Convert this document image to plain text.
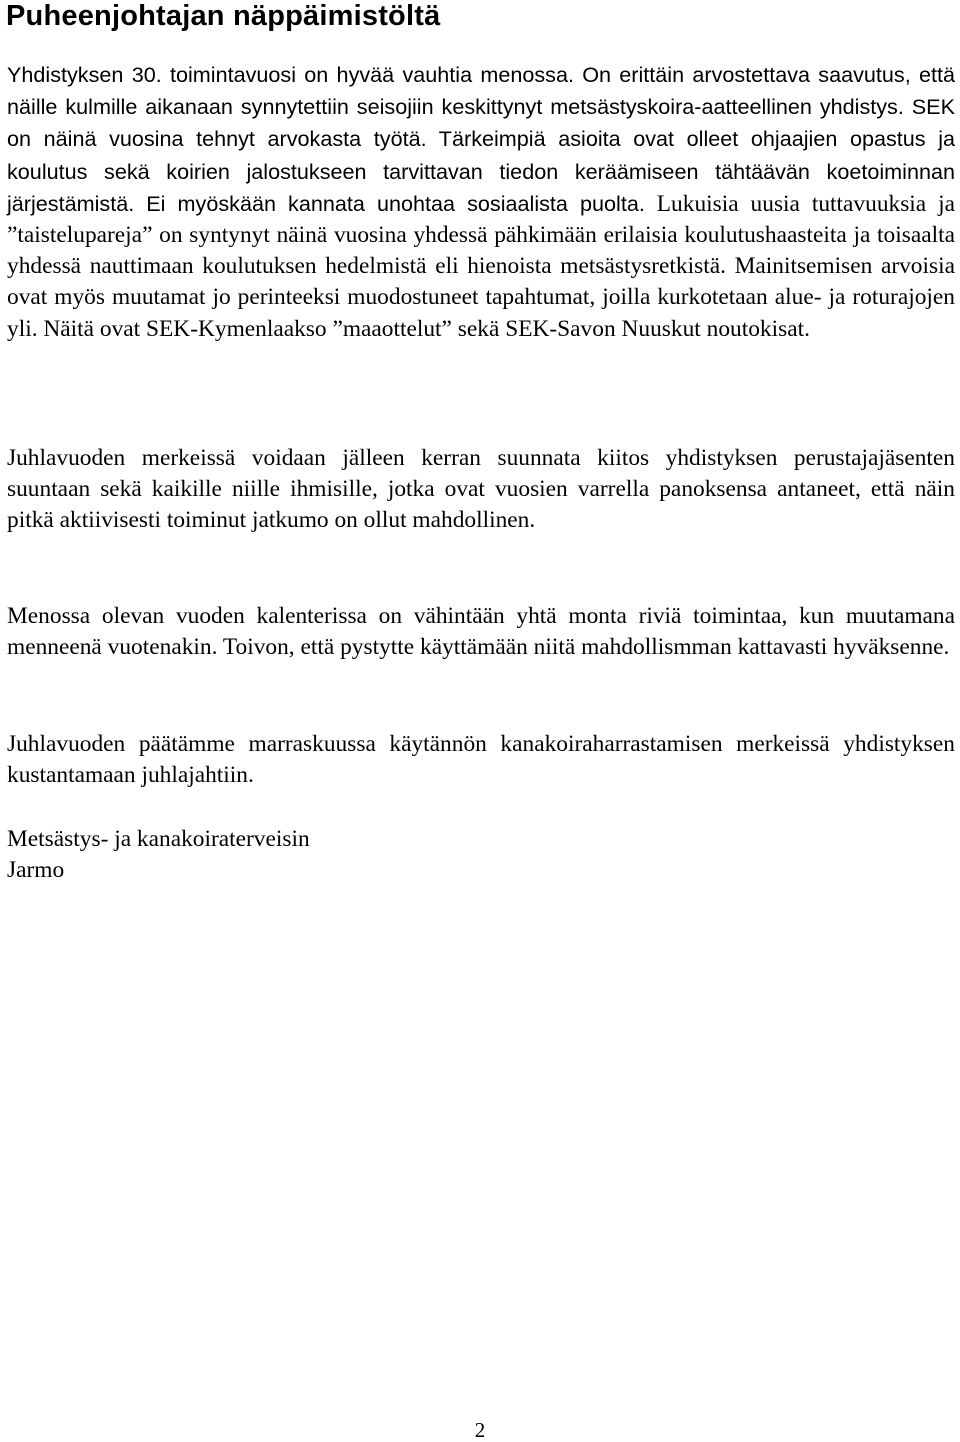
Puheenjohtajan näppäimistöltä

Yhdistyksen 30. toimintavuosi on hyvää vauhtia menossa. On erittäin arvostettava saavutus, että näille kulmille aikanaan synnytettiin seisojiin keskittynyt metsästyskoira-aatteellinen yhdistys. SEK on näinä vuosina tehnyt arvokasta työtä. Tärkeimpiä asioita ovat olleet ohjaajien opastus ja koulutus sekä koirien jalostukseen tarvittavan tiedon keräämiseen tähtäävän koetoiminnan järjestämistä. Ei myöskään kannata unohtaa sosiaalista puolta. Lukuisia uusia tuttavuuksia ja ”taistelupareja” on syntynyt näinä vuosina yhdessä pähkimään erilaisia koulutushaasteita ja toisaalta yhdessä nauttimaan koulutuksen hedelmistä eli hienoista metsästysretkistä. Mainitsemisen arvoisia ovat myös muutamat jo perinteeksi muodostuneet tapahtumat, joilla kurkotetaan alue- ja roturajojen yli. Näitä ovat SEK-Kymenlaakso ”maaottelut” sekä SEK-Savon Nuuskut noutokisat.

Juhlavuoden merkeissä voidaan jälleen kerran suunnata kiitos yhdistyksen perustajajäsenten suuntaan sekä kaikille niille ihmisille, jotka ovat vuosien varrella panoksensa antaneet, että näin pitkä aktiivisesti toiminut jatkumo on ollut mahdollinen.

Menossa olevan vuoden kalenterissa on vähintään yhtä monta riviä toimintaa, kun muutamana menneenä vuotenakin. Toivon, että pystytte käyttämään niitä mahdollismman kattavasti hyväksenne.

Juhlavuoden päätämme marraskuussa käytännön kanakoiraharrastamisen merkeissä yhdistyksen kustantamaan juhlajahtiin.

Metsästys- ja kanakoiraterveisin
Jarmo

2
